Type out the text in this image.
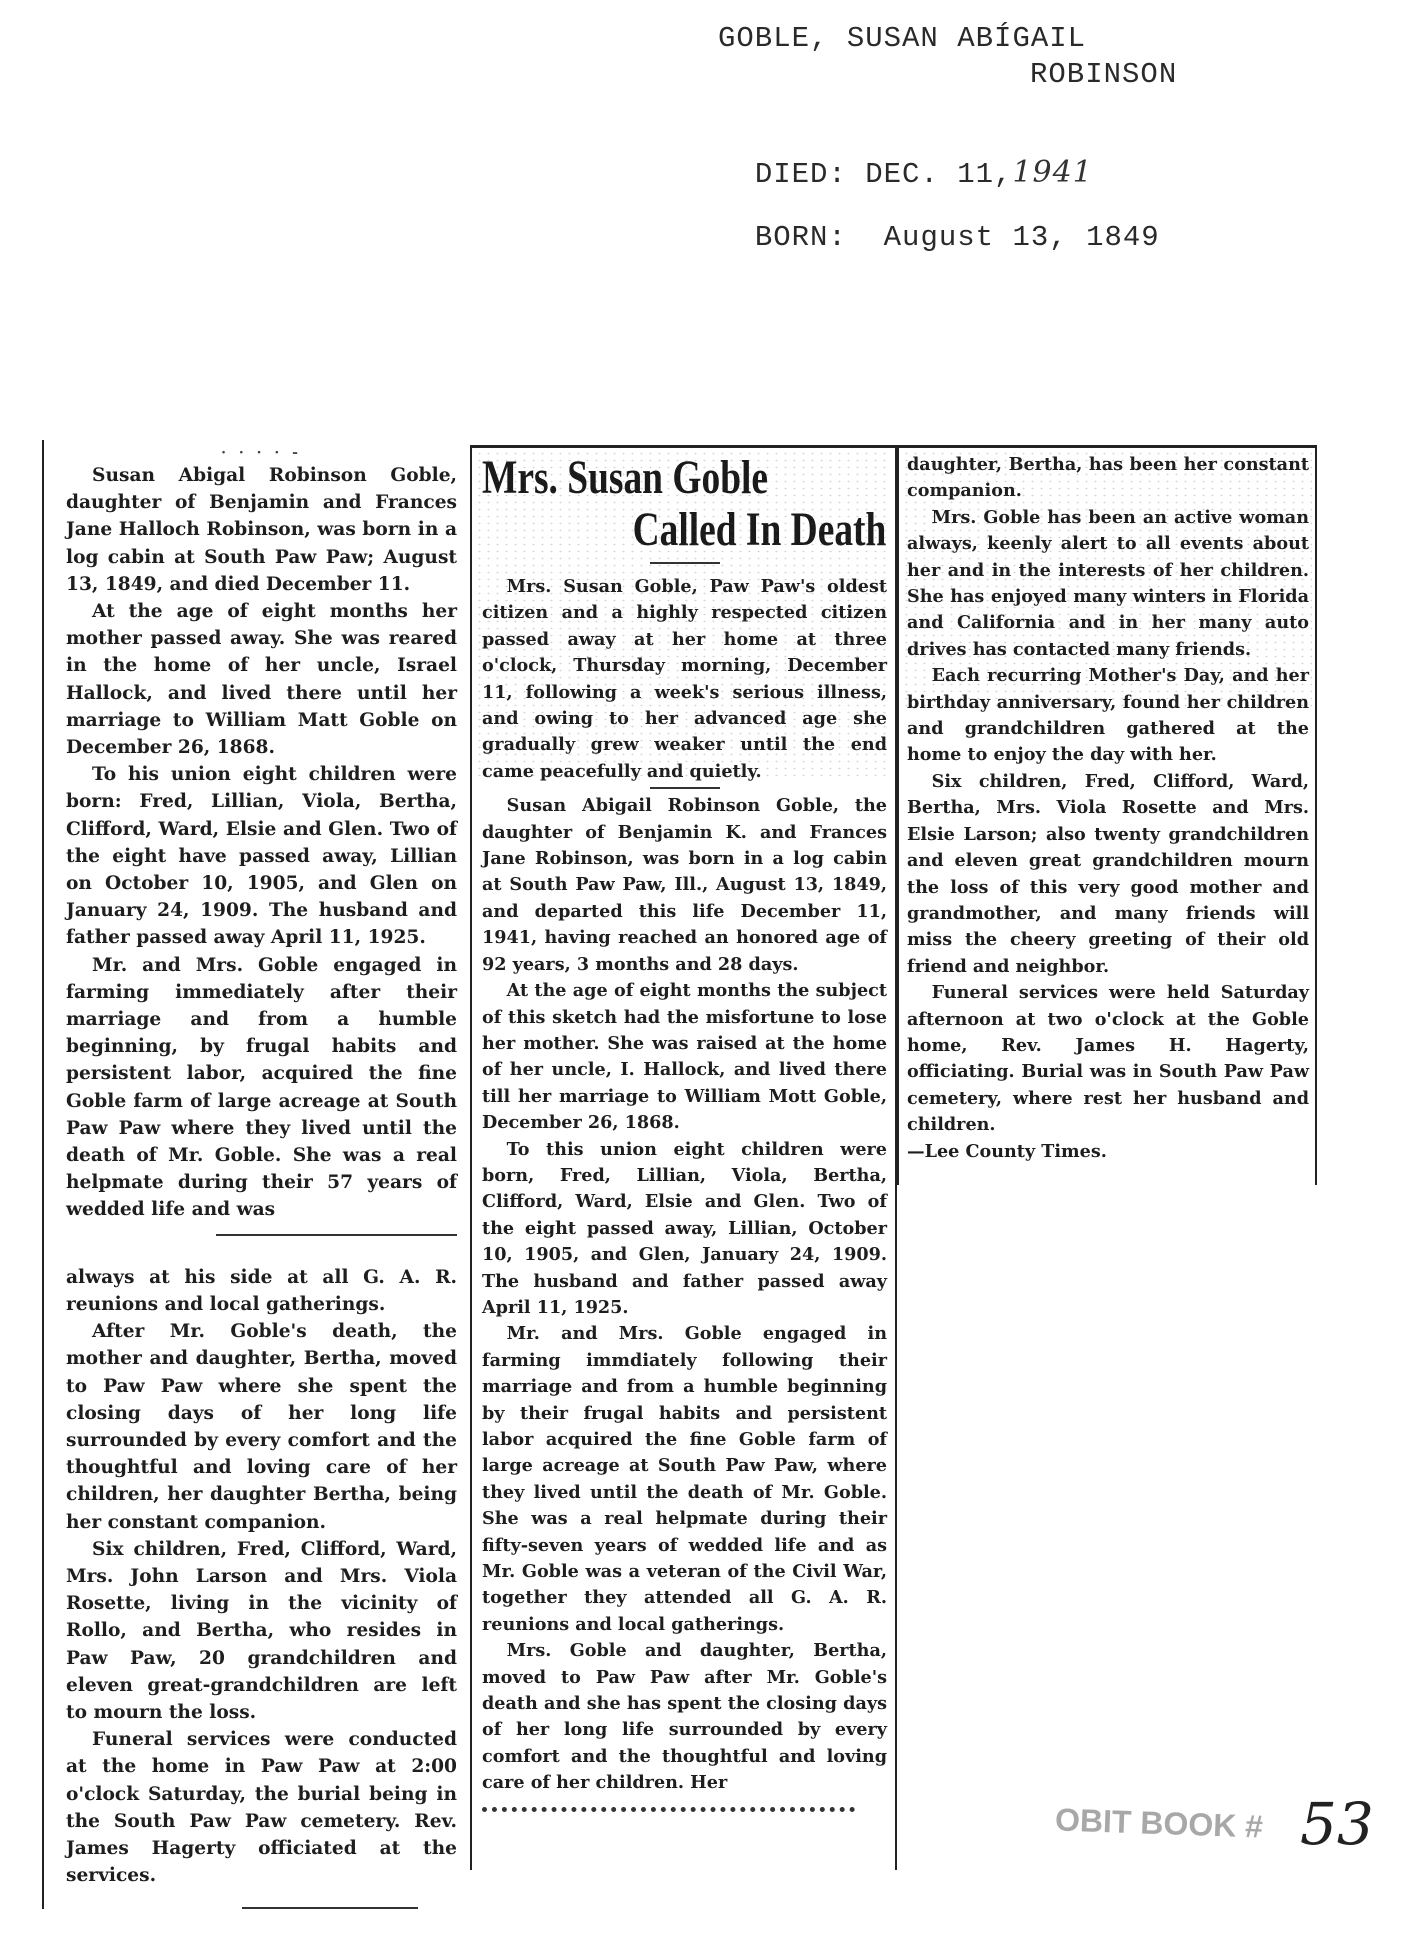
GOBLE, SUSAN ABÍGAIL
ROBINSON

DIED: DEC. 11,1941

BORN: August 13, 1849

· · · · ‑

Susan Abigal Robinson Goble, daughter of Benjamin and Frances Jane Halloch Robinson, was born in a log cabin at South Paw Paw; August 13, 1849, and died December 11.

At the age of eight months her mother passed away. She was reared in the home of her uncle, Israel Hallock, and lived there until her marriage to William Matt Goble on December 26, 1868.

To his union eight children were born: Fred, Lillian, Viola, Bertha, Clifford, Ward, Elsie and Glen. Two of the eight have passed away, Lillian on October 10, 1905, and Glen on January 24, 1909. The husband and father passed away April 11, 1925.

Mr. and Mrs. Goble engaged in farming immediately after their marriage and from a humble beginning, by frugal habits and persistent labor, acquired the fine Goble farm of large acreage at South Paw Paw where they lived until the death of Mr. Goble. She was a real helpmate during their 57 years of wedded life and was

always at his side at all G. A. R. reunions and local gatherings.

After Mr. Goble's death, the mother and daughter, Bertha, moved to Paw Paw where she spent the closing days of her long life surrounded by every comfort and the thoughtful and loving care of her children, her daughter Bertha, being her constant companion.

Six children, Fred, Clifford, Ward, Mrs. John Larson and Mrs. Viola Rosette, living in the vicinity of Rollo, and Bertha, who resides in Paw Paw, 20 grandchildren and eleven great-grandchildren are left to mourn the loss.

Funeral services were conducted at the home in Paw Paw at 2:00 o'clock Saturday, the burial being in the South Paw Paw cemetery. Rev. James Hagerty officiated at the services.

Mrs. Susan Goble
Called In Death

Mrs. Susan Goble, Paw Paw's oldest citizen and a highly respected citizen passed away at her home at three o'clock, Thursday morning, December 11, following a week's serious illness, and owing to her advanced age she gradually grew weaker until the end came peacefully and quietly.

Susan Abigail Robinson Goble, the daughter of Benjamin K. and Frances Jane Robinson, was born in a log cabin at South Paw Paw, Ill., August 13, 1849, and departed this life December 11, 1941, having reached an honored age of 92 years, 3 months and 28 days.

At the age of eight months the subject of this sketch had the misfortune to lose her mother. She was raised at the home of her uncle, I. Hallock, and lived there till her marriage to William Mott Goble, December 26, 1868.

To this union eight children were born, Fred, Lillian, Viola, Bertha, Clifford, Ward, Elsie and Glen. Two of the eight passed away, Lillian, October 10, 1905, and Glen, January 24, 1909. The husband and father passed away April 11, 1925.

Mr. and Mrs. Goble engaged in farming immdiately following their marriage and from a humble beginning by their frugal habits and persistent labor acquired the fine Goble farm of large acreage at South Paw Paw, where they lived until the death of Mr. Goble. She was a real helpmate during their fifty-seven years of wedded life and as Mr. Goble was a veteran of the Civil War, together they attended all G. A. R. reunions and local gatherings.

Mrs. Goble and daughter, Bertha, moved to Paw Paw after Mr. Goble's death and she has spent the closing days of her long life surrounded by every comfort and the thoughtful and loving care of her children. Her

daughter, Bertha, has been her constant companion.

Mrs. Goble has been an active woman always, keenly alert to all events about her and in the interests of her children. She has enjoyed many winters in Florida and California and in her many auto drives has contacted many friends.

Each recurring Mother's Day, and her birthday anniversary, found her children and grandchildren gathered at the home to enjoy the day with her.

Six children, Fred, Clifford, Ward, Bertha, Mrs. Viola Rosette and Mrs. Elsie Larson; also twenty grandchildren and eleven great grandchildren mourn the loss of this very good mother and grandmother, and many friends will miss the cheery greeting of their old friend and neighbor.

Funeral services were held Saturday afternoon at two o'clock at the Goble home, Rev. James H. Hagerty, officiating. Burial was in South Paw Paw cemetery, where rest her husband and children.

—Lee County Times.

OBIT BOOK # 53
